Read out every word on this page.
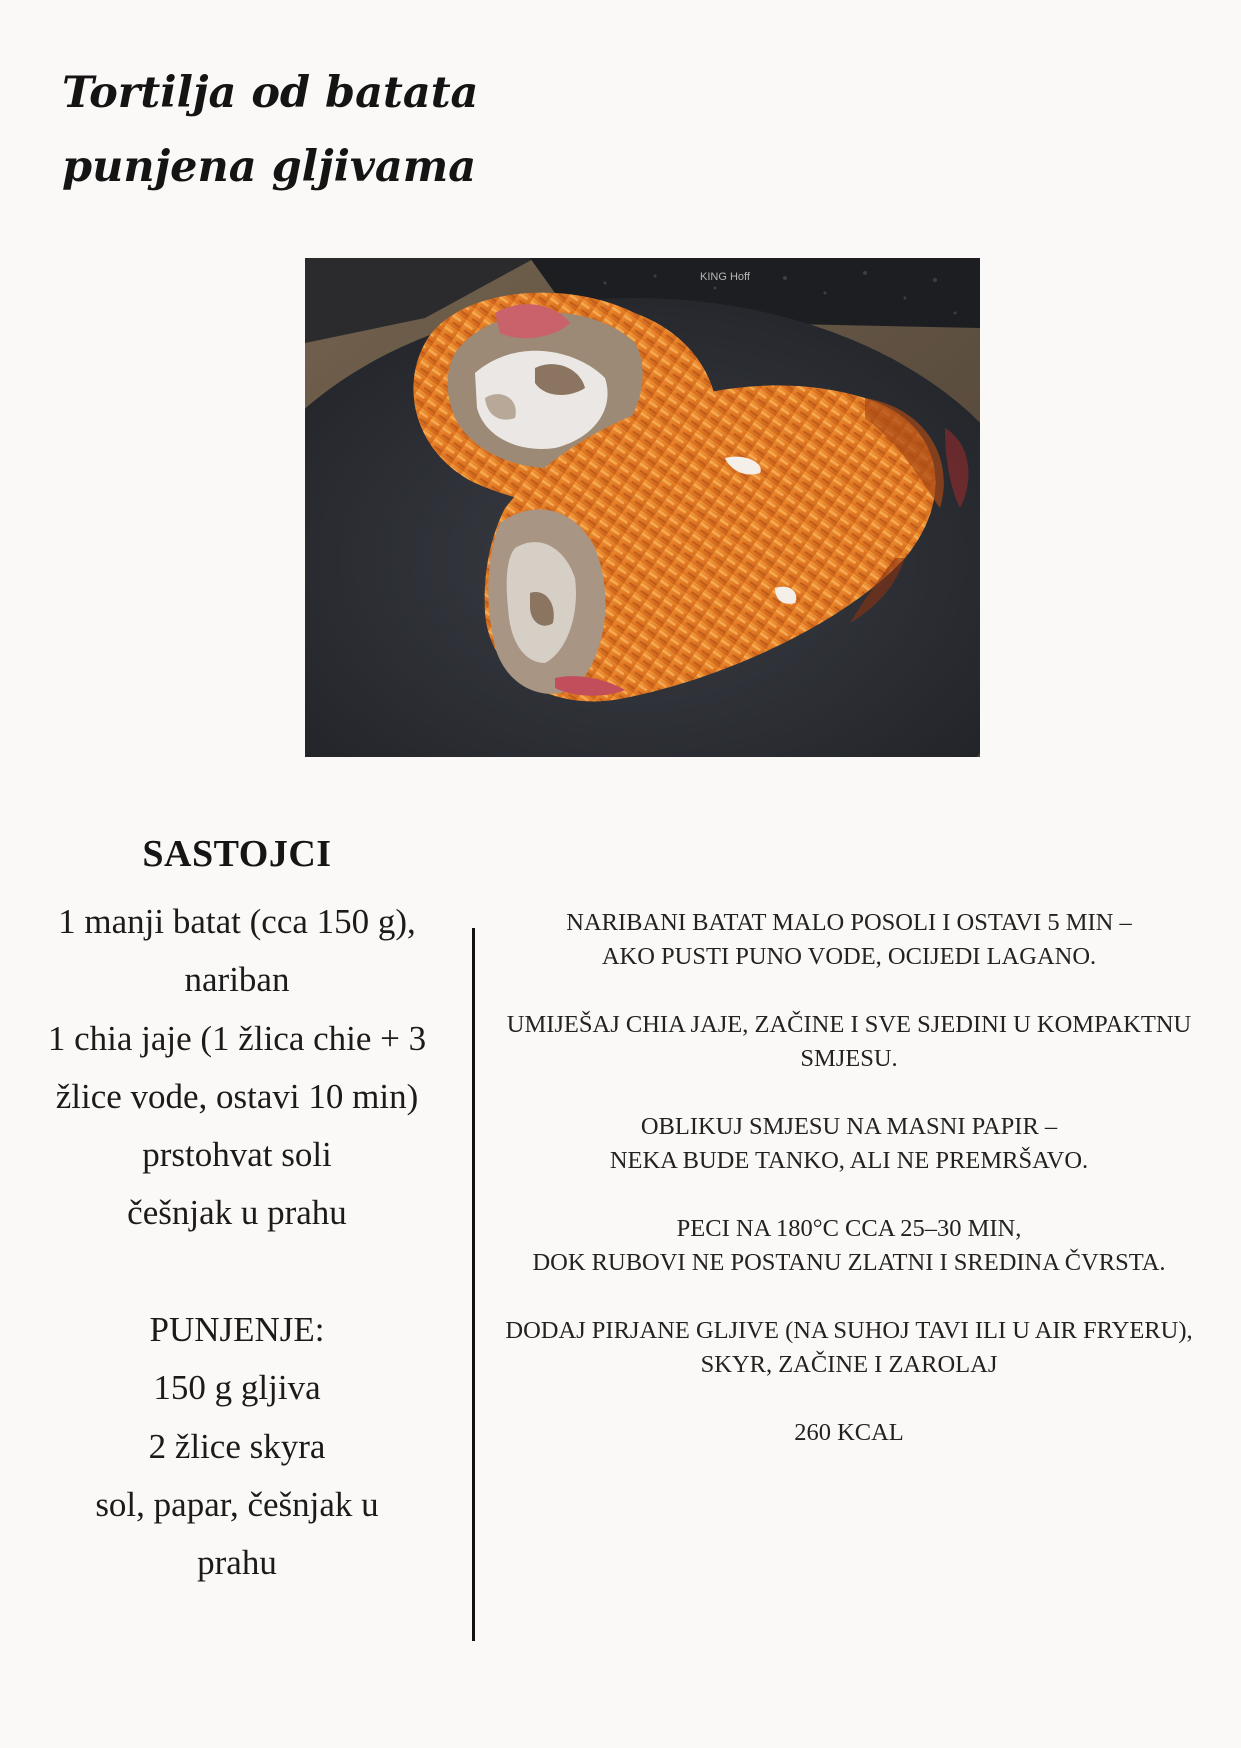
Tortilja od batata
punjena gljivama
KING Hoff
SASTOJCI
1 manji batat (cca 150 g),
nariban
1 chia jaje (1 žlica chie + 3
žlice vode, ostavi 10 min)
prstohvat soli
češnjak u prahu
PUNJENJE:
150 g gljiva
2 žlice skyra
sol, papar, češnjak u
prahu
NARIBANI BATAT MALO POSOLI I OSTAVI 5 MIN –
AKO PUSTI PUNO VODE, OCIJEDI LAGANO.
UMIJEŠAJ CHIA JAJE, ZAČINE I SVE SJEDINI U KOMPAKTNU
SMJESU.
OBLIKUJ SMJESU NA MASNI PAPIR –
NEKA BUDE TANKO, ALI NE PREMRŠAVO.
PECI NA 180°C CCA 25–30 MIN,
DOK RUBOVI NE POSTANU ZLATNI I SREDINA ČVRSTA.
DODAJ PIRJANE GLJIVE (NA SUHOJ TAVI ILI U AIR FRYERU),
SKYR, ZAČINE I ZAROLAJ
260 KCAL
